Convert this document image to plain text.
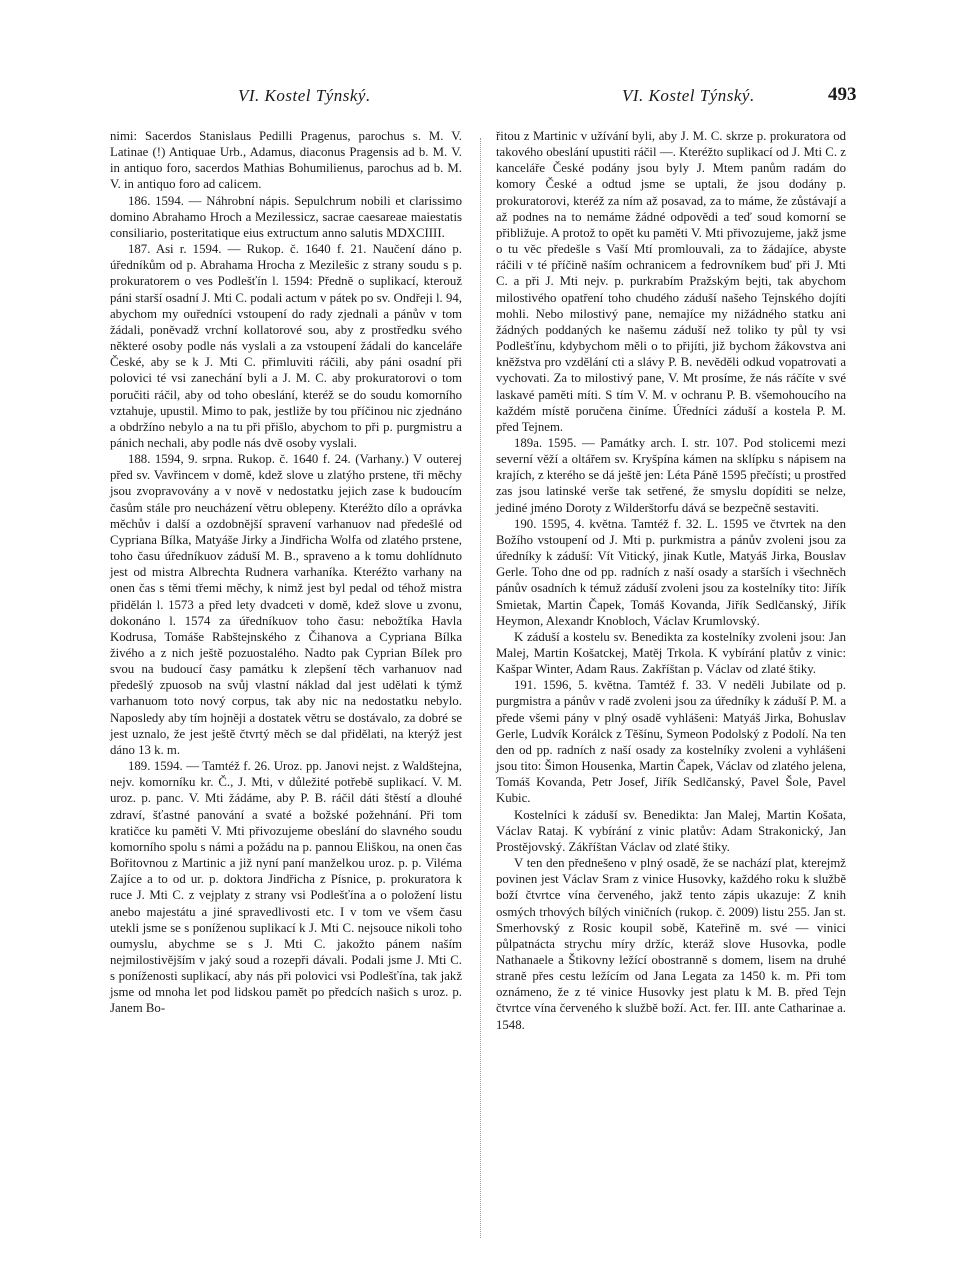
VI. Kostel Týnský.	VI. Kostel Týnský.	493

nimi: Sacerdos Stanislaus Pedilli Pragenus, parochus s. M. V. Latinae (!) Antiquae Urb., Adamus, diaconus Pragensis ad b. M. V. in antiquo foro, sacerdos Mathias Bohumilienus, parochus ad b. M. V. in antiquo foro ad calicem.

186. 1594. — Náhrobní nápis. Sepulchrum nobili et clarissimo domino Abrahamo Hroch a Mezilessicz, sacrae caesareae maiestatis consiliario, posteritatique eius extructum anno salutis MDXCIIII.

187. Asi r. 1594. — Rukop. č. 1640 f. 21. Naučení dáno p. úředníkům od p. Abrahama Hrocha z Mezilešic z strany soudu s p. prokuratorem o ves Podlešťín l. 1594: Předně o suplikací, kterouž páni starší osadní J. Mti C. podali actum v pátek po sv. Ondřeji l. 94, abychom my ouředníci vstoupení do rady zjednali a pánův v tom žádali, poněvadž vrchní kollatorové sou, aby z prostředku svého některé osoby podle nás vyslali a za vstoupení žádali do kanceláře České, aby se k J. Mti C. přimluviti ráčili, aby páni osadní při polovici té vsi zanechání byli a J. M. C. aby prokuratorovi o tom poručiti ráčil, aby od toho obeslání, kteréž se do soudu komorního vztahuje, upustil. Mimo to pak, jestliže by tou příčinou nic zjednáno a obdržíno nebylo a na tu při přišlo, abychom to při p. purgmistru a pánich nechali, aby podle nás dvě osoby vyslali.

188. 1594, 9. srpna. Rukop. č. 1640 f. 24. (Varhany.) V outerej před sv. Vavřincem v domě, kdež slove u zlatýho prstene, tři měchy jsou zvopravovány a v nově v nedostatku jejich zase k budoucím časům stále pro neucházení větru oblepeny. Kteréžto dílo a oprávka měchův i další a ozdobnější spravení varhanuov nad předešlé od Cypriana Bílka, Matyáše Jirky a Jindřicha Wolfa od zlatého prstene, toho času úředníkuov záduší M. B., spraveno a k tomu dohlídnuto jest od mistra Albrechta Rudnera varhaníka. Kteréžto varhany na onen čas s těmi třemi měchy, k nimž jest byl pedal od téhož mistra přidělán l. 1573 a před lety dvadceti v domě, kdež slove u zvonu, dokonáno l. 1574 za úředníkuov toho času: nebožtíka Havla Kodrusa, Tomáše Rabštejnského z Čihanova a Cypriana Bílka živého a z nich ještě pozuostalého. Nadto pak Cyprian Bílek pro svou na budoucí časy památku k zlepšení těch varhanuov nad předešlý zpuosob na svůj vlastní náklad dal jest udělati k týmž varhanuom toto nový corpus, tak aby nic na nedostatku nebylo. Naposledy aby tím hojněji a dostatek větru se dostávalo, za dobré se jest uznalo, že jest ještě čtvrtý měch se dal přidělati, na kterýž jest dáno 13 k. m.

189. 1594. — Tamtéž f. 26. Uroz. pp. Janovi nejst. z Waldštejna, nejv. komorníku kr. Č., J. Mti, v důležité potřebě suplikací. V. M. uroz. p. panc. V. Mti žádáme, aby P. B. ráčil dáti štěstí a dlouhé zdraví, šťastné panování a svaté a božské požehnání. Při tom kratičce ku paměti V. Mti přivozujeme obeslání do slavného soudu komorního spolu s námi a požádu na p. pannou Eliškou, na onen čas Bořitovnou z Martinic a již nyní paní manželkou uroz. p. p. Viléma Zajíce a to od ur. p. doktora Jindřicha z Písnice, p. prokuratora k ruce J. Mti C. z vejplaty z strany vsi Podlešťína a o položení listu anebo majestátu a jiné spravedlivosti etc. I v tom ve všem času utekli jsme se s poníženou suplikací k J. Mti C. nejsouce nikoli toho oumyslu, abychme se s J. Mti C. jakožto pánem naším nejmilostivějším v jaký soud a rozepři dávali. Podali jsme J. Mti C. s poníženosti suplikací, aby nás při polovici vsi Podlešťína, tak jakž jsme od mnoha let pod lidskou pamět po předcích našich s uroz. p. Janem Bo-

řitou z Martinic v užívání byli, aby J. M. C. skrze p. prokuratora od takového obeslání upustiti ráčil —. Kteréžto suplikací od J. Mti C. z kanceláře České podány jsou byly J. Mtem panům radám do komory České a odtud jsme se uptali, že jsou dodány p. prokuratorovi, kteréž za ním až posavad, za to máme, že zůstávají a až podnes na to nemáme žádné odpovědi a teď soud komorní se přibližuje. A protož to opět ku paměti V. Mti přivozujeme, jakž jsme o tu věc předešle s Vaší Mtí promlouvali, za to žádajíce, abyste ráčili v té příčině naším ochranicem a fedrovníkem buď při J. Mti C. a při J. Mti nejv. p. purkrabím Pražským bejti, tak abychom milostivého opatření toho chudého záduší našeho Tejnského dojíti mohli. Nebo milostivý pane, nemajíce my nižádného statku ani žádných poddaných ke našemu záduší než toliko ty půl ty vsi Podlešťínu, kdybychom měli o to přijíti, již bychom žákovstva ani kněžstva pro vzdělání cti a slávy P. B. nevěděli odkud vopatrovati a vychovati. Za to milostivý pane, V. Mt prosíme, že nás ráčíte v své laskavé paměti míti. S tím V. M. v ochranu P. B. všemohoucího na každém místě poručena činíme. Úředníci záduší a kostela P. M. před Tejnem.

189a. 1595. — Památky arch. I. str. 107. Pod stolicemi mezi severní věží a oltářem sv. Kryšpína kámen na sklípku s nápisem na krajích, z kterého se dá ještě jen: Léta Páně 1595 přečísti; u prostřed zas jsou latinské verše tak setřené, že smyslu dopíditi se nelze, jediné jméno Doroty z Wilderštorfu dává se bezpečně sestaviti.

190. 1595, 4. května. Tamtéž f. 32. L. 1595 ve čtvrtek na den Božího vstoupení od J. Mti p. purkmistra a pánův zvoleni jsou za úředníky k záduší: Vít Vitický, jinak Kutle, Matyáš Jirka, Bouslav Gerle. Toho dne od pp. radních z naší osady a starších i všechněch pánův osadních k témuž záduší zvoleni jsou za kostelníky tito: Jiřík Smietak, Martin Čapek, Tomáš Kovanda, Jiřík Sedlčanský, Jiřík Heymon, Alexandr Knobloch, Václav Krumlovský.

K záduší a kostelu sv. Benedikta za kostelníky zvoleni jsou: Jan Malej, Martin Košatckej, Matěj Trkola. K vybírání platův z vinic: Kašpar Winter, Adam Raus. Zakříštan p. Václav od zlaté štiky.

191. 1596, 5. května. Tamtéž f. 33. V neděli Jubilate od p. purgmistra a pánův v radě zvoleni jsou za úředníky k záduší P. M. a přede všemi pány v plný osadě vyhlášeni: Matyáš Jirka, Bohuslav Gerle, Ludvík Korálck z Těšínu, Symeon Podolský z Podolí. Na ten den od pp. radních z naší osady za kostelníky zvoleni a vyhlášeni jsou tito: Šimon Housenka, Martin Čapek, Václav od zlatého jelena, Tomáš Kovanda, Petr Josef, Jiřík Sedlčanský, Pavel Šole, Pavel Kubic.

Kostelníci k záduší sv. Benedikta: Jan Malej, Martin Košata, Václav Rataj. K vybírání z vinic platův: Adam Strakonický, Jan Prostějovský. Zákříštan Václav od zlaté štiky.

V ten den přednešeno v plný osadě, že se nachází plat, kterejmž povinen jest Václav Sram z vinice Husovky, každého roku k službě boží čtvrtce vína červeného, jakž tento zápis ukazuje: Z knih osmých trhových bílých viničních (rukop. č. 2009) listu 255. Jan st. Smerhovský z Rosic koupil sobě, Kateřině m. své — vinici půlpatnácta strychu míry držíc, kteráž slove Husovka, podle Nathanaele a Štikovny ležící obostranně s domem, lisem na druhé straně přes cestu ležícím od Jana Legata za 1450 k. m. Při tom oznámeno, že z té vinice Husovky jest platu k M. B. před Tejn čtvrtce vína červeného k službě boží. Act. fer. III. ante Catharinae a. 1548.
